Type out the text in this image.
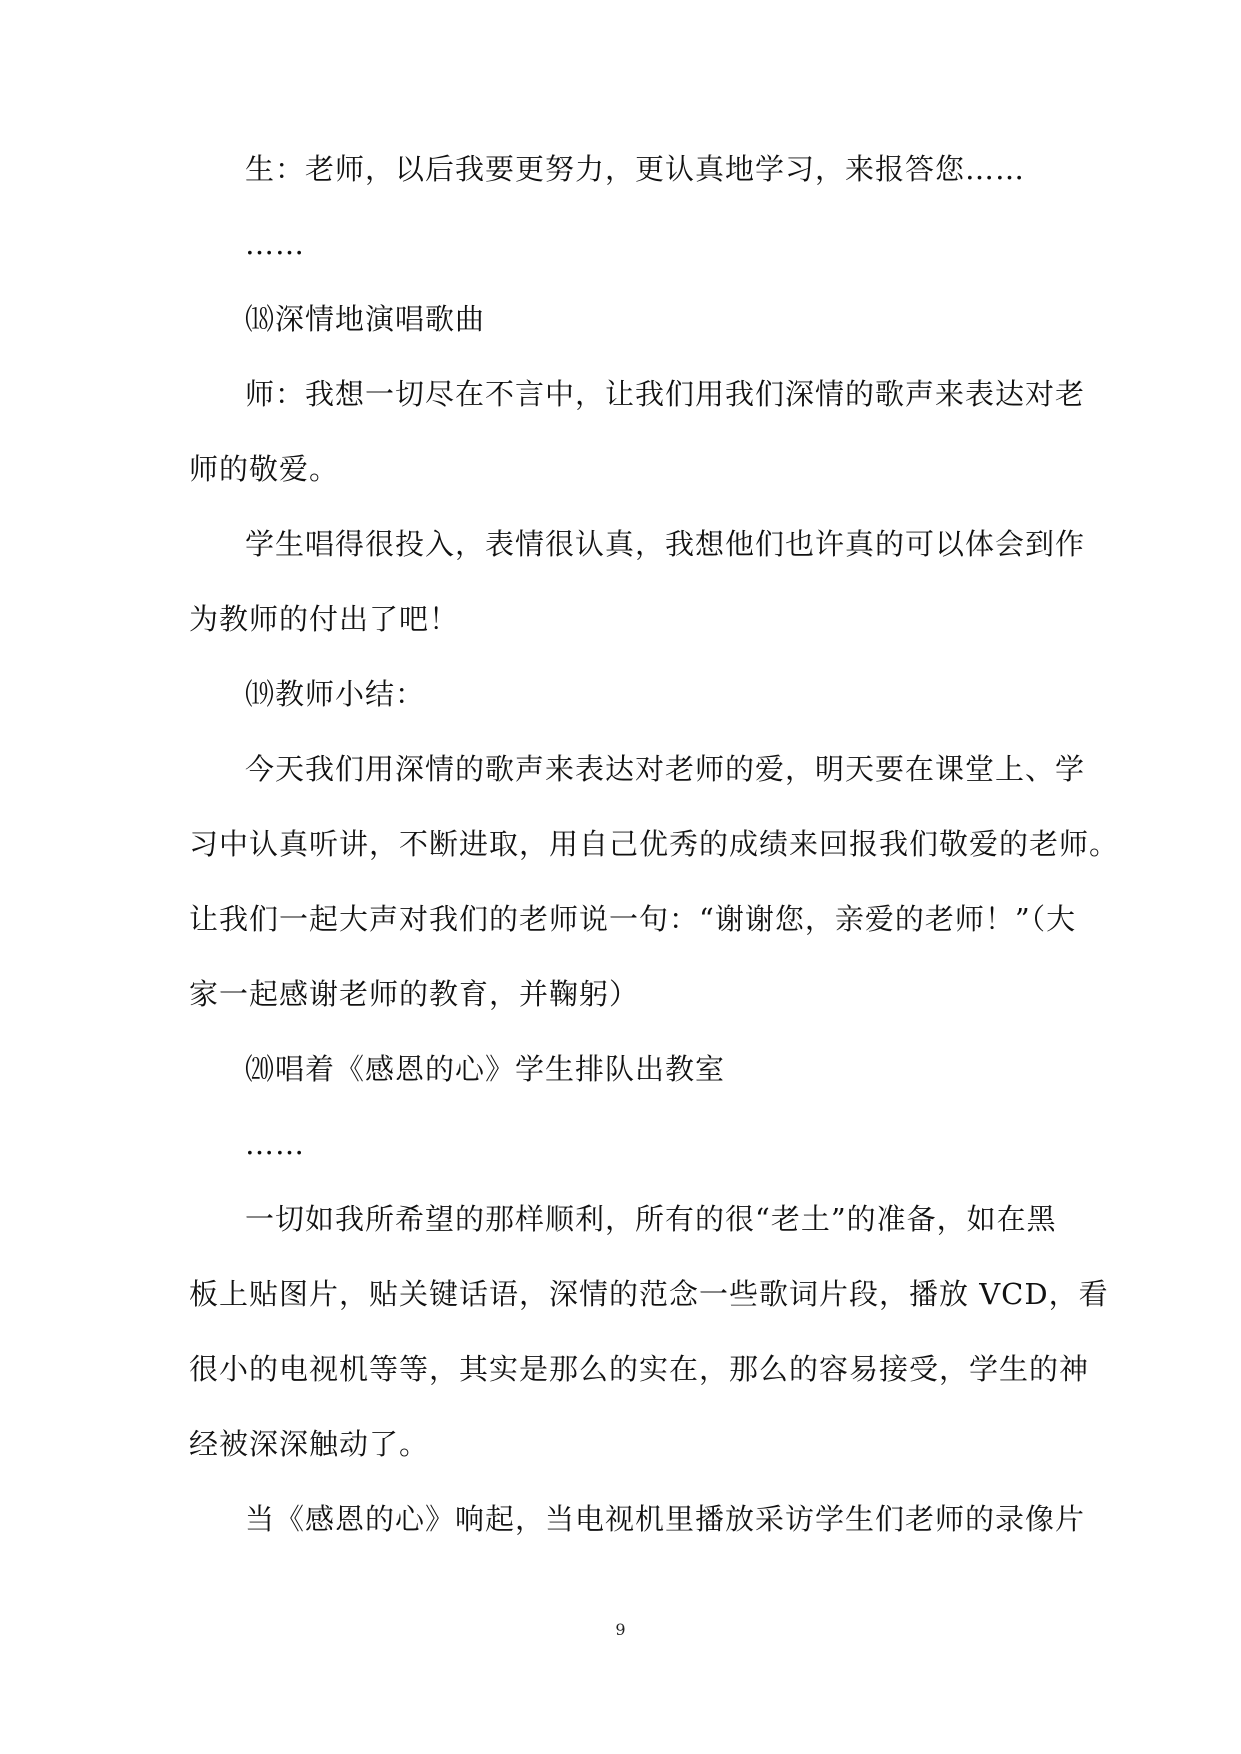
生：老师，以后我要更努力，更认真地学习，来报答您……
……
⒅深情地演唱歌曲
师：我想一切尽在不言中，让我们用我们深情的歌声来表达对老
师的敬爱。
学生唱得很投入，表情很认真，我想他们也许真的可以体会到作
为教师的付出了吧！
⒆教师小结：
今天我们用深情的歌声来表达对老师的爱，明天要在课堂上、学
习中认真听讲，不断进取，用自己优秀的成绩来回报我们敬爱的老师。
让我们一起大声对我们的老师说一句：“谢谢您，亲爱的老师！”（大
家一起感谢老师的教育，并鞠躬）
⒇唱着《感恩的心》学生排队出教室
……
一切如我所希望的那样顺利，所有的很“老土”的准备，如在黑
板上贴图片，贴关键话语，深情的范念一些歌词片段，播放 VCD，看
很小的电视机等等，其实是那么的实在，那么的容易接受，学生的神
经被深深触动了。
当《感恩的心》响起，当电视机里播放采访学生们老师的录像片
9
